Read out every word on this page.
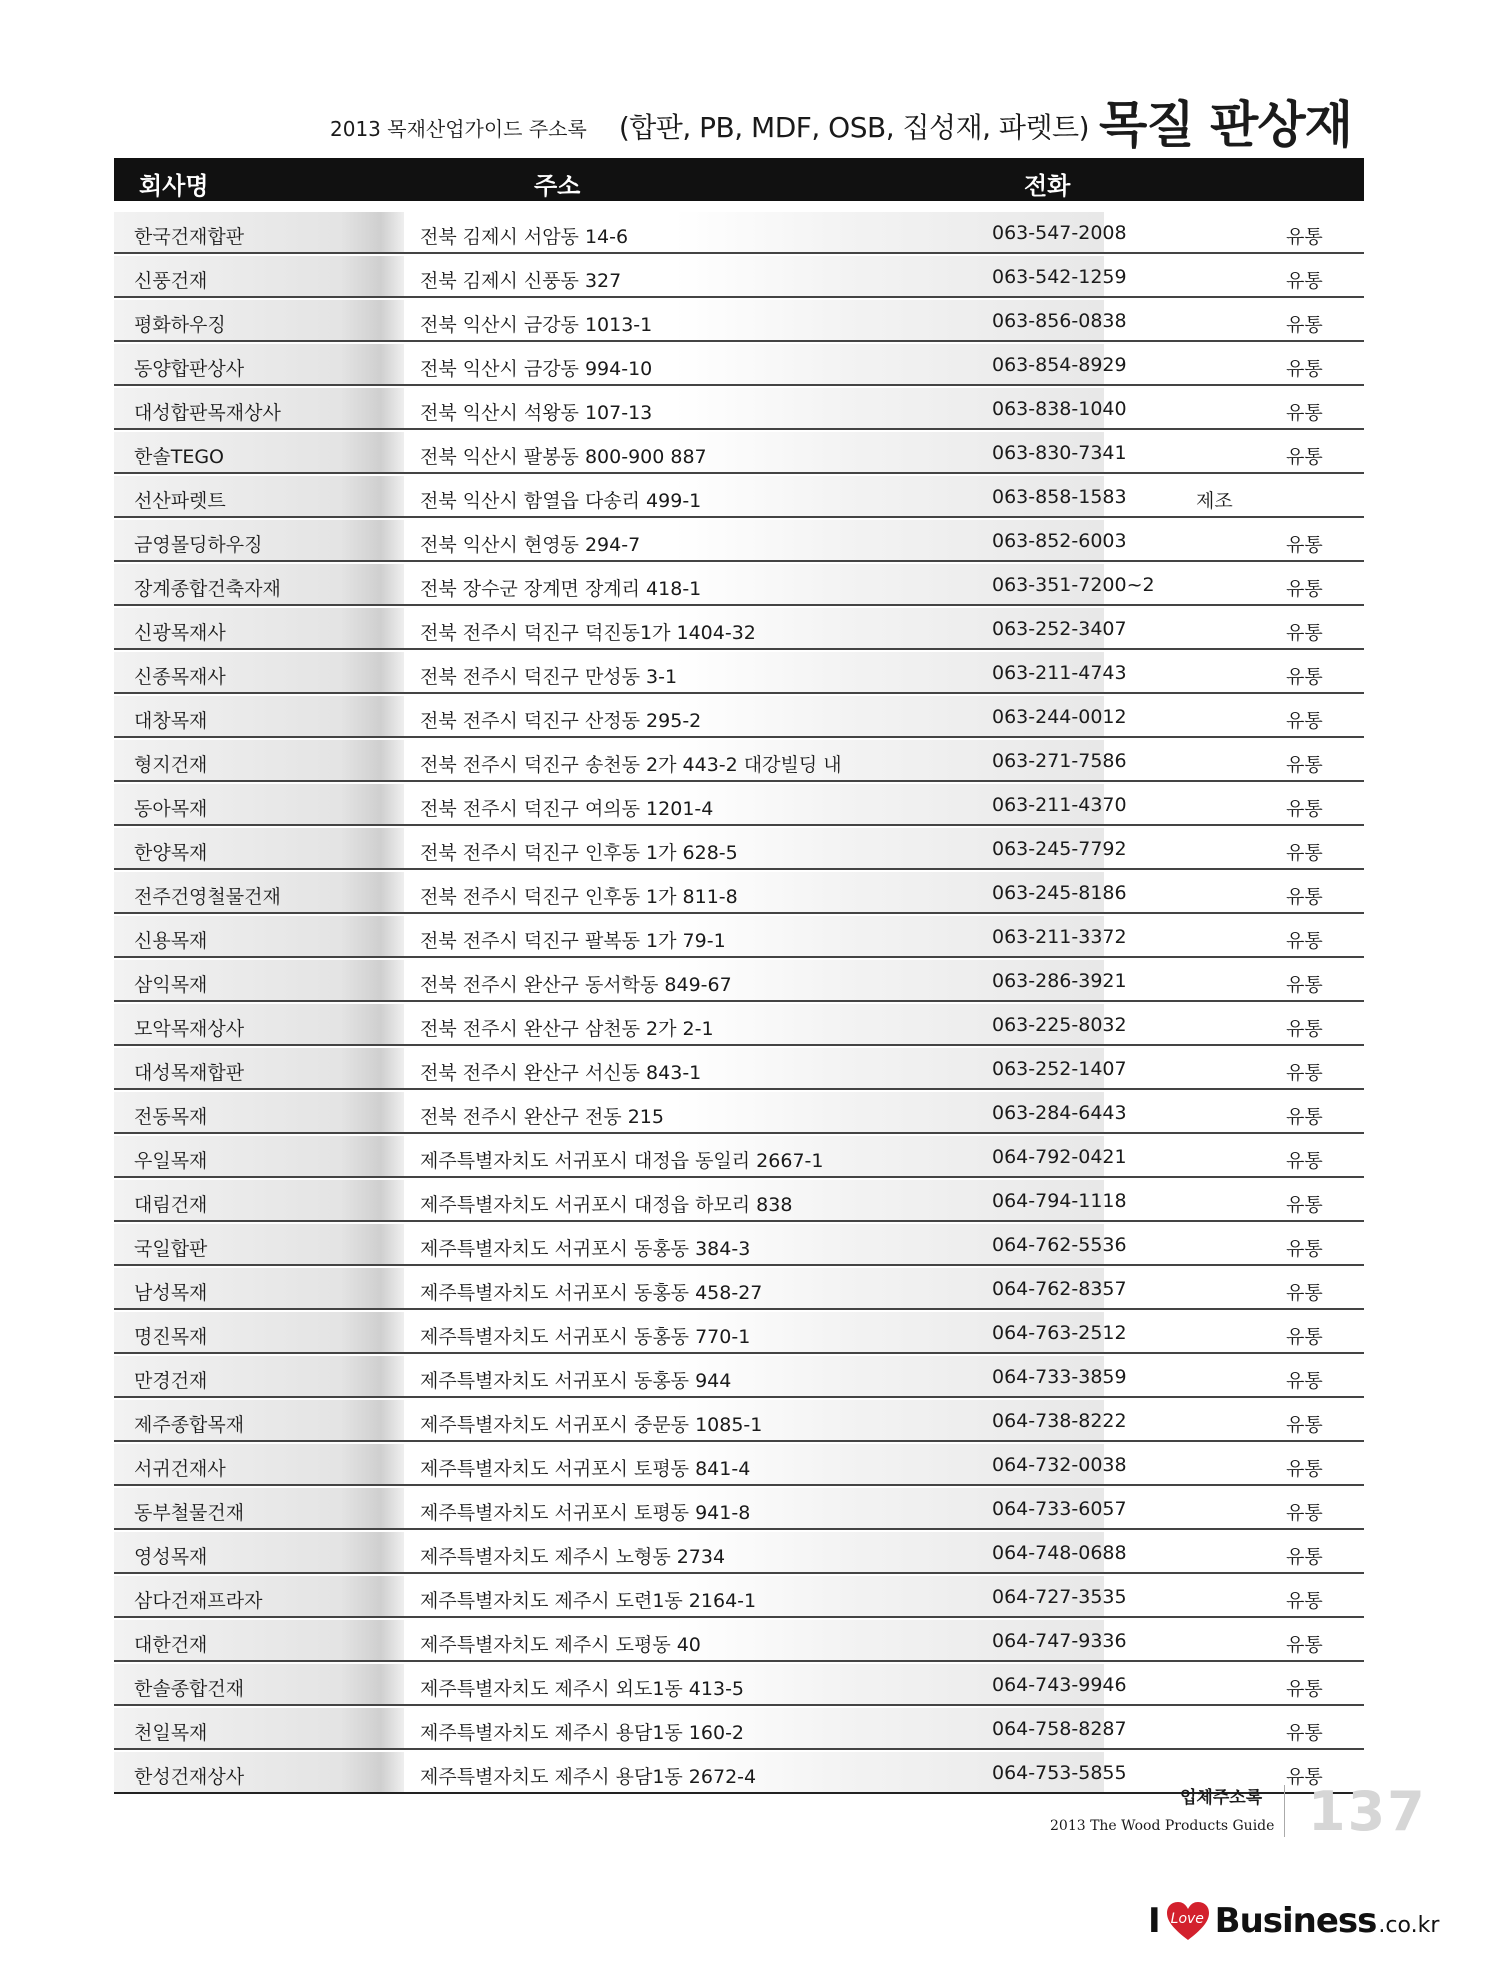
2013 목재산업가이드 주소록 (합판, PB, MDF, OSB, 집성재, 파렛트) 목질 판상재
회사명	주소	전화
한국건재합판	전북 김제시 서암동 14-6	063-547-2008	유통
신풍건재	전북 김제시 신풍동 327	063-542-1259	유통
평화하우징	전북 익산시 금강동 1013-1	063-856-0838	유통
동양합판상사	전북 익산시 금강동 994-10	063-854-8929	유통
대성합판목재상사	전북 익산시 석왕동 107-13	063-838-1040	유통
한솔TEGO	전북 익산시 팔봉동 800-900 887	063-830-7341	유통
선산파렛트	전북 익산시 함열읍 다송리 499-1	063-858-1583	제조
금영몰딩하우징	전북 익산시 현영동 294-7	063-852-6003	유통
장계종합건축자재	전북 장수군 장계면 장계리 418-1	063-351-7200~2	유통
신광목재사	전북 전주시 덕진구 덕진동1가 1404-32	063-252-3407	유통
신종목재사	전북 전주시 덕진구 만성동 3-1	063-211-4743	유통
대창목재	전북 전주시 덕진구 산정동 295-2	063-244-0012	유통
형지건재	전북 전주시 덕진구 송천동 2가 443-2 대강빌딩 내	063-271-7586	유통
동아목재	전북 전주시 덕진구 여의동 1201-4	063-211-4370	유통
한양목재	전북 전주시 덕진구 인후동 1가 628-5	063-245-7792	유통
전주건영철물건재	전북 전주시 덕진구 인후동 1가 811-8	063-245-8186	유통
신용목재	전북 전주시 덕진구 팔복동 1가 79-1	063-211-3372	유통
삼익목재	전북 전주시 완산구 동서학동 849-67	063-286-3921	유통
모악목재상사	전북 전주시 완산구 삼천동 2가 2-1	063-225-8032	유통
대성목재합판	전북 전주시 완산구 서신동 843-1	063-252-1407	유통
전동목재	전북 전주시 완산구 전동 215	063-284-6443	유통
우일목재	제주특별자치도 서귀포시 대정읍 동일리 2667-1	064-792-0421	유통
대림건재	제주특별자치도 서귀포시 대정읍 하모리 838	064-794-1118	유통
국일합판	제주특별자치도 서귀포시 동홍동 384-3	064-762-5536	유통
남성목재	제주특별자치도 서귀포시 동홍동 458-27	064-762-8357	유통
명진목재	제주특별자치도 서귀포시 동홍동 770-1	064-763-2512	유통
만경건재	제주특별자치도 서귀포시 동홍동 944	064-733-3859	유통
제주종합목재	제주특별자치도 서귀포시 중문동 1085-1	064-738-8222	유통
서귀건재사	제주특별자치도 서귀포시 토평동 841-4	064-732-0038	유통
동부철물건재	제주특별자치도 서귀포시 토평동 941-8	064-733-6057	유통
영성목재	제주특별자치도 제주시 노형동 2734	064-748-0688	유통
삼다건재프라자	제주특별자치도 제주시 도련1동 2164-1	064-727-3535	유통
대한건재	제주특별자치도 제주시 도평동 40	064-747-9336	유통
한솔종합건재	제주특별자치도 제주시 외도1동 413-5	064-743-9946	유통
천일목재	제주특별자치도 제주시 용담1동 160-2	064-758-8287	유통
한성건재상사	제주특별자치도 제주시 용담1동 2672-4	064-753-5855	유통
업체주소록
2013 The Wood Products Guide 137
I Love Business .co.kr
